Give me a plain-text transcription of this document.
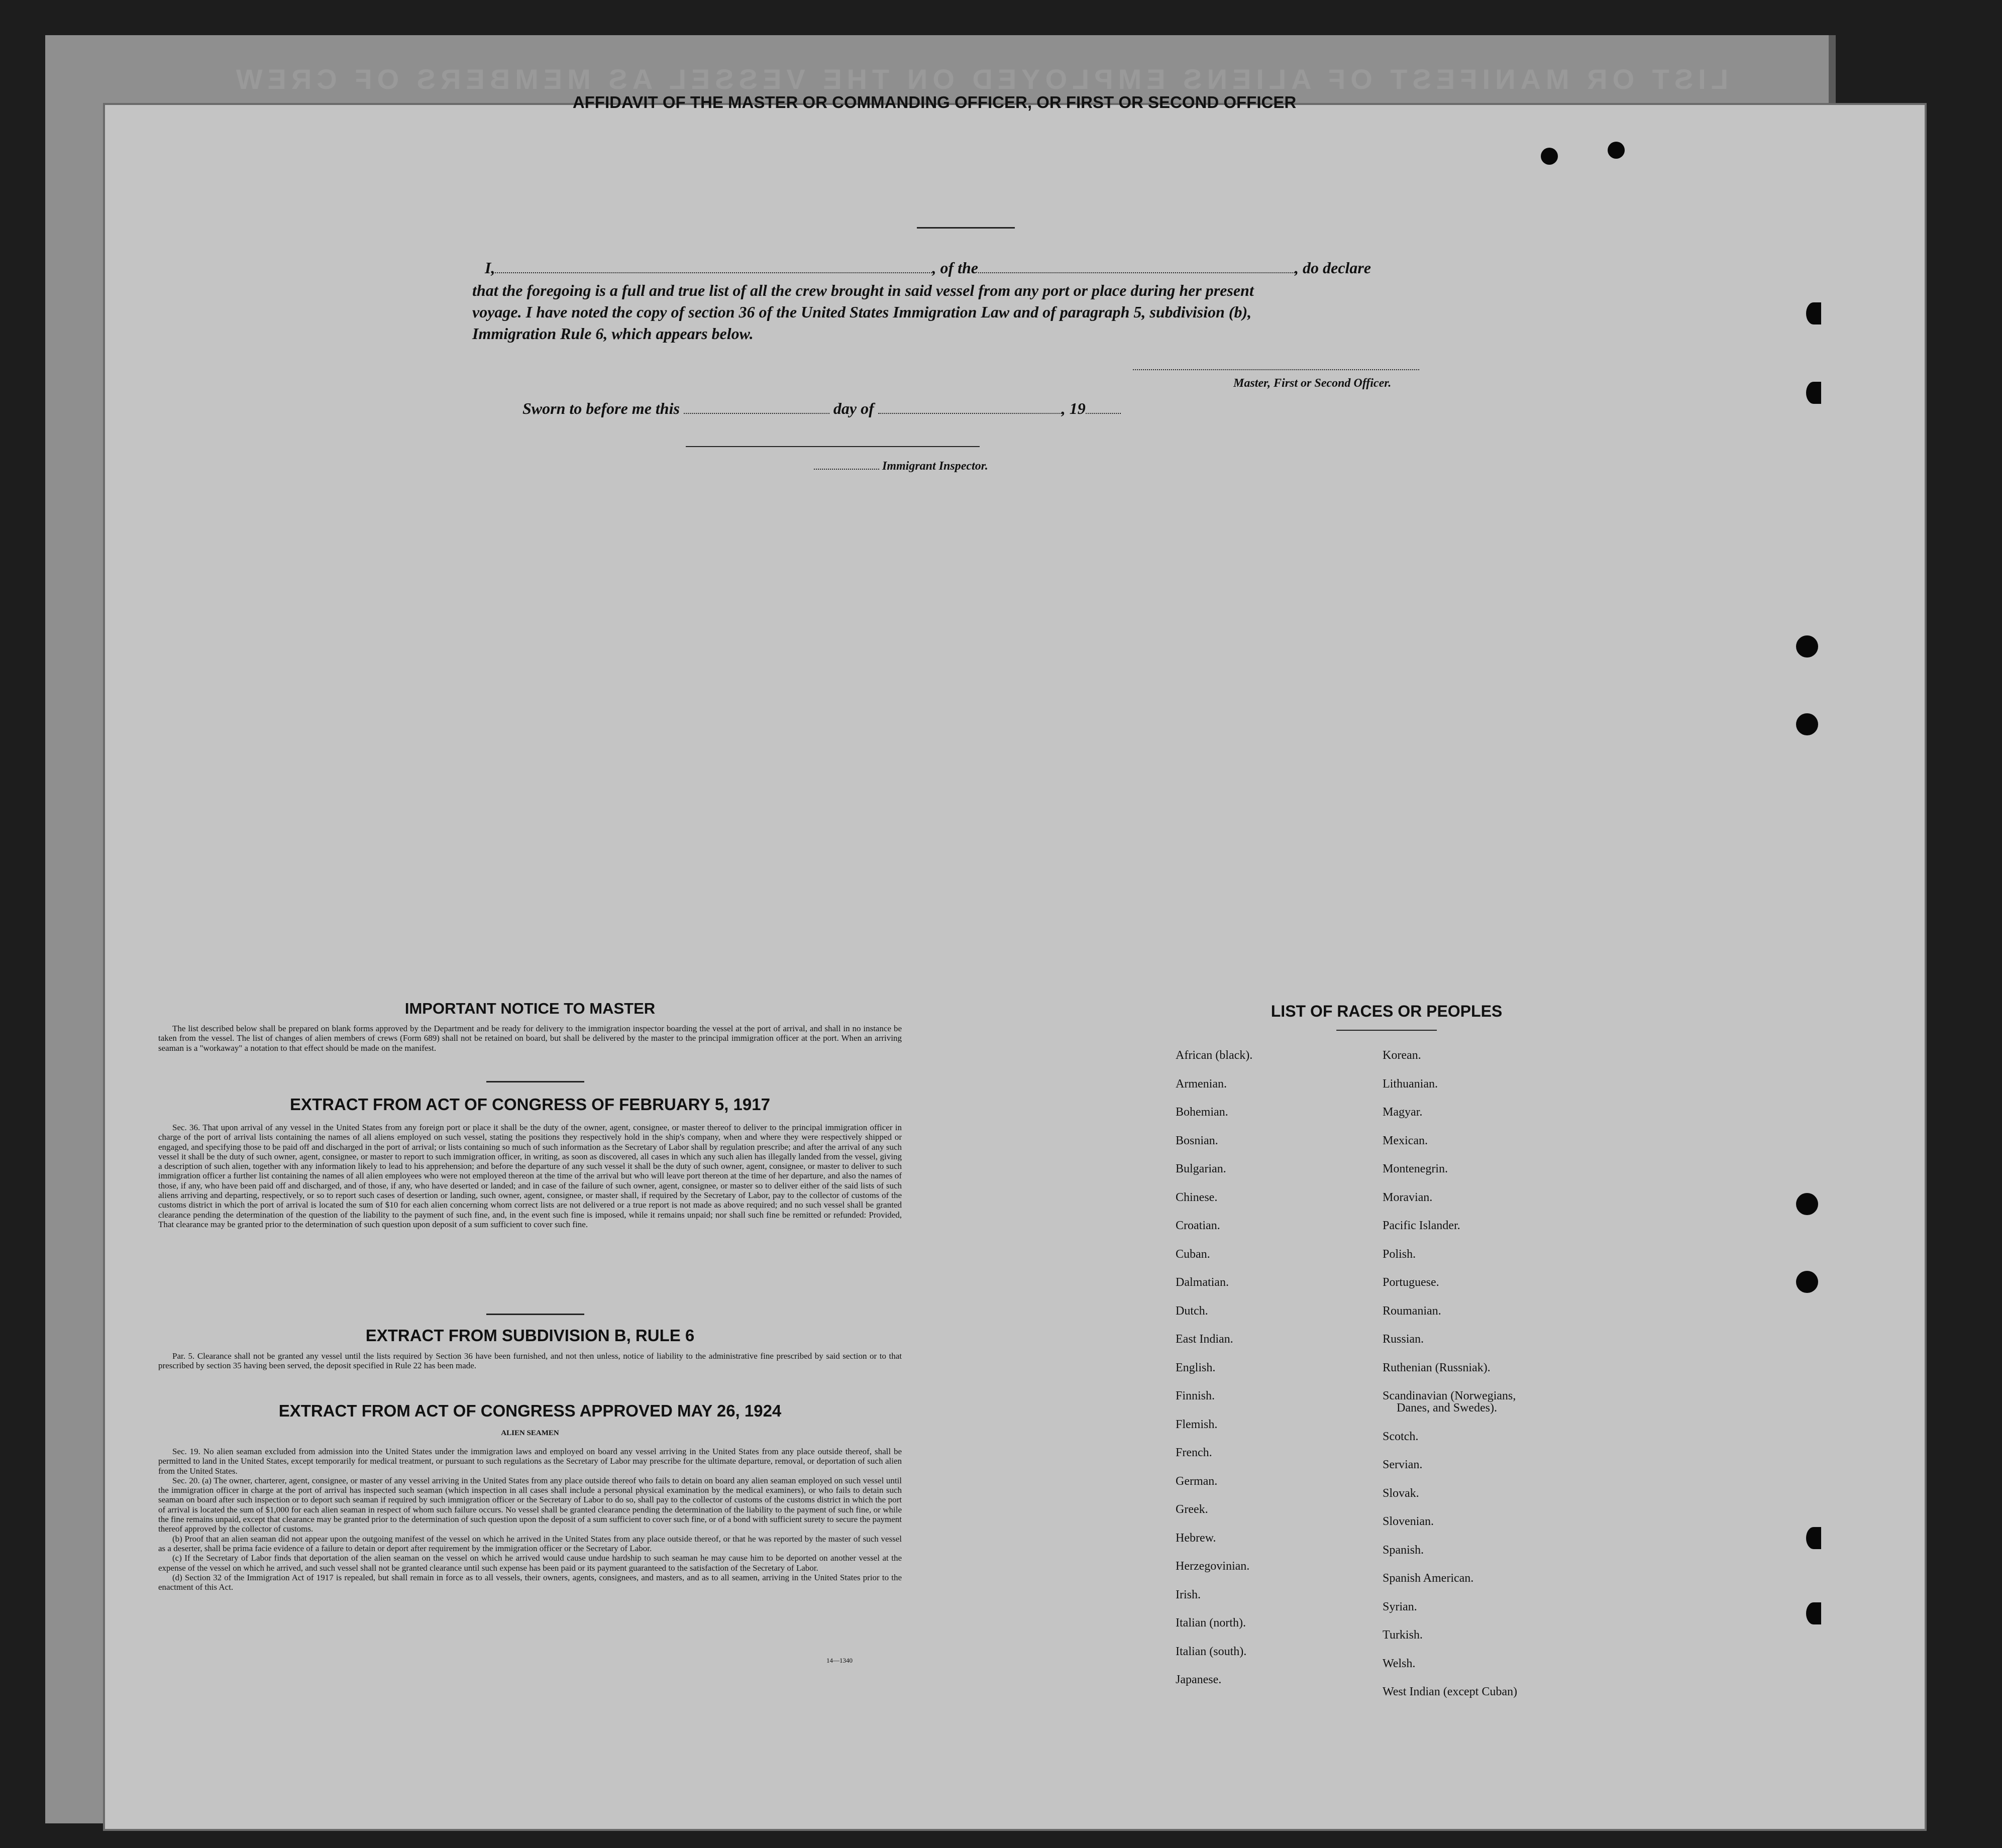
LIST OR MANIFEST OF ALIENS EMPLOYED ON THE VESSEL AS MEMBERS OF CREW
AFFIDAVIT OF THE MASTER OR COMMANDING OFFICER, OR FIRST OR SECOND OFFICER
I,	, of the	, do declare
that the foregoing is a full and true list of all the crew brought in said vessel from any port or place during her present
voyage. I have noted the copy of section 36 of the United States Immigration Law and of paragraph 5, subdivision (b),
Immigration Rule 6, which appears below.
Master, First or Second Officer.
Sworn to before me this	day of	, 19
Immigrant Inspector.
IMPORTANT NOTICE TO MASTER

The list described below shall be prepared on blank forms approved by the Department and be ready for delivery to the immigration inspector boarding the vessel at the port of arrival, and shall in no instance be taken from the vessel. The list of changes of alien members of crews (Form 689) shall not be retained on board, but shall be delivered by the master to the principal immigration officer at the port. When an arriving seaman is a "workaway" a notation to that effect should be made on the manifest.

EXTRACT FROM ACT OF CONGRESS OF FEBRUARY 5, 1917

Sec. 36. That upon arrival of any vessel in the United States from any foreign port or place it shall be the duty of the owner, agent, consignee, or master thereof to deliver to the principal immigration officer in charge of the port of arrival lists containing the names of all aliens employed on such vessel, stating the positions they respectively hold in the ship's company, when and where they were respectively shipped or engaged, and specifying those to be paid off and discharged in the port of arrival; or lists containing so much of such information as the Secretary of Labor shall by regulation prescribe; and after the arrival of any such vessel it shall be the duty of such owner, agent, consignee, or master to report to such immigration officer, in writing, as soon as discovered, all cases in which any such alien has illegally landed from the vessel, giving a description of such alien, together with any information likely to lead to his apprehension; and before the departure of any such vessel it shall be the duty of such owner, agent, consignee, or master to deliver to such immigration officer a further list containing the names of all alien employees who were not employed thereon at the time of the arrival but who will leave port thereon at the time of her departure, and also the names of those, if any, who have been paid off and discharged, and of those, if any, who have deserted or landed; and in case of the failure of such owner, agent, consignee, or master so to deliver either of the said lists of such aliens arriving and departing, respectively, or so to report such cases of desertion or landing, such owner, agent, consignee, or master shall, if required by the Secretary of Labor, pay to the collector of customs of the customs district in which the port of arrival is located the sum of $10 for each alien concerning whom correct lists are not delivered or a true report is not made as above required; and no such vessel shall be granted clearance pending the determination of the question of the liability to the payment of such fine, and, in the event such fine is imposed, while it remains unpaid; nor shall such fine be remitted or refunded: Provided, That clearance may be granted prior to the determination of such question upon deposit of a sum sufficient to cover such fine.

EXTRACT FROM SUBDIVISION B, RULE 6

Par. 5. Clearance shall not be granted any vessel until the lists required by Section 36 have been furnished, and not then unless, notice of liability to the administrative fine prescribed by said section or to that prescribed by section 35 having been served, the deposit specified in Rule 22 has been made.

EXTRACT FROM ACT OF CONGRESS APPROVED MAY 26, 1924
ALIEN SEAMEN

Sec. 19. No alien seaman excluded from admission into the United States under the immigration laws and employed on board any vessel arriving in the United States from any place outside thereof, shall be permitted to land in the United States, except temporarily for medical treatment, or pursuant to such regulations as the Secretary of Labor may prescribe for the ultimate departure, removal, or deportation of such alien from the United States.

Sec. 20. (a) The owner, charterer, agent, consignee, or master of any vessel arriving in the United States from any place outside thereof who fails to detain on board any alien seaman employed on such vessel until the immigration officer in charge at the port of arrival has inspected such seaman (which inspection in all cases shall include a personal physical examination by the medical examiners), or who fails to detain such seaman on board after such inspection or to deport such seaman if required by such immigration officer or the Secretary of Labor to do so, shall pay to the collector of customs of the customs district in which the port of arrival is located the sum of $1,000 for each alien seaman in respect of whom such failure occurs. No vessel shall be granted clearance pending the determination of the liability to the payment of such fine, or while the fine remains unpaid, except that clearance may be granted prior to the determination of such question upon the deposit of a sum sufficient to cover such fine, or of a bond with sufficient surety to secure the payment thereof approved by the collector of customs.

(b) Proof that an alien seaman did not appear upon the outgoing manifest of the vessel on which he arrived in the United States from any place outside thereof, or that he was reported by the master of such vessel as a deserter, shall be prima facie evidence of a failure to detain or deport after requirement by the immigration officer or the Secretary of Labor.

(c) If the Secretary of Labor finds that deportation of the alien seaman on the vessel on which he arrived would cause undue hardship to such seaman he may cause him to be deported on another vessel at the expense of the vessel on which he arrived, and such vessel shall not be granted clearance until such expense has been paid or its payment guaranteed to the satisfaction of the Secretary of Labor.

(d) Section 32 of the Immigration Act of 1917 is repealed, but shall remain in force as to all vessels, their owners, agents, consignees, and masters, and as to all seamen, arriving in the United States prior to the enactment of this Act.

14—1340
LIST OF RACES OR PEOPLES
African (black).
Armenian.
Bohemian.
Bosnian.
Bulgarian.
Chinese.
Croatian.
Cuban.
Dalmatian.
Dutch.
East Indian.
English.
Finnish.
Flemish.
French.
German.
Greek.
Hebrew.
Herzegovinian.
Irish.
Italian (north).
Italian (south).
Japanese.
Korean.
Lithuanian.
Magyar.
Mexican.
Montenegrin.
Moravian.
Pacific Islander.
Polish.
Portuguese.
Roumanian.
Russian.
Ruthenian (Russniak).
Scandinavian (Norwegians,
Danes, and Swedes).
Scotch.
Servian.
Slovak.
Slovenian.
Spanish.
Spanish American.
Syrian.
Turkish.
Welsh.
West Indian (except Cuban)
